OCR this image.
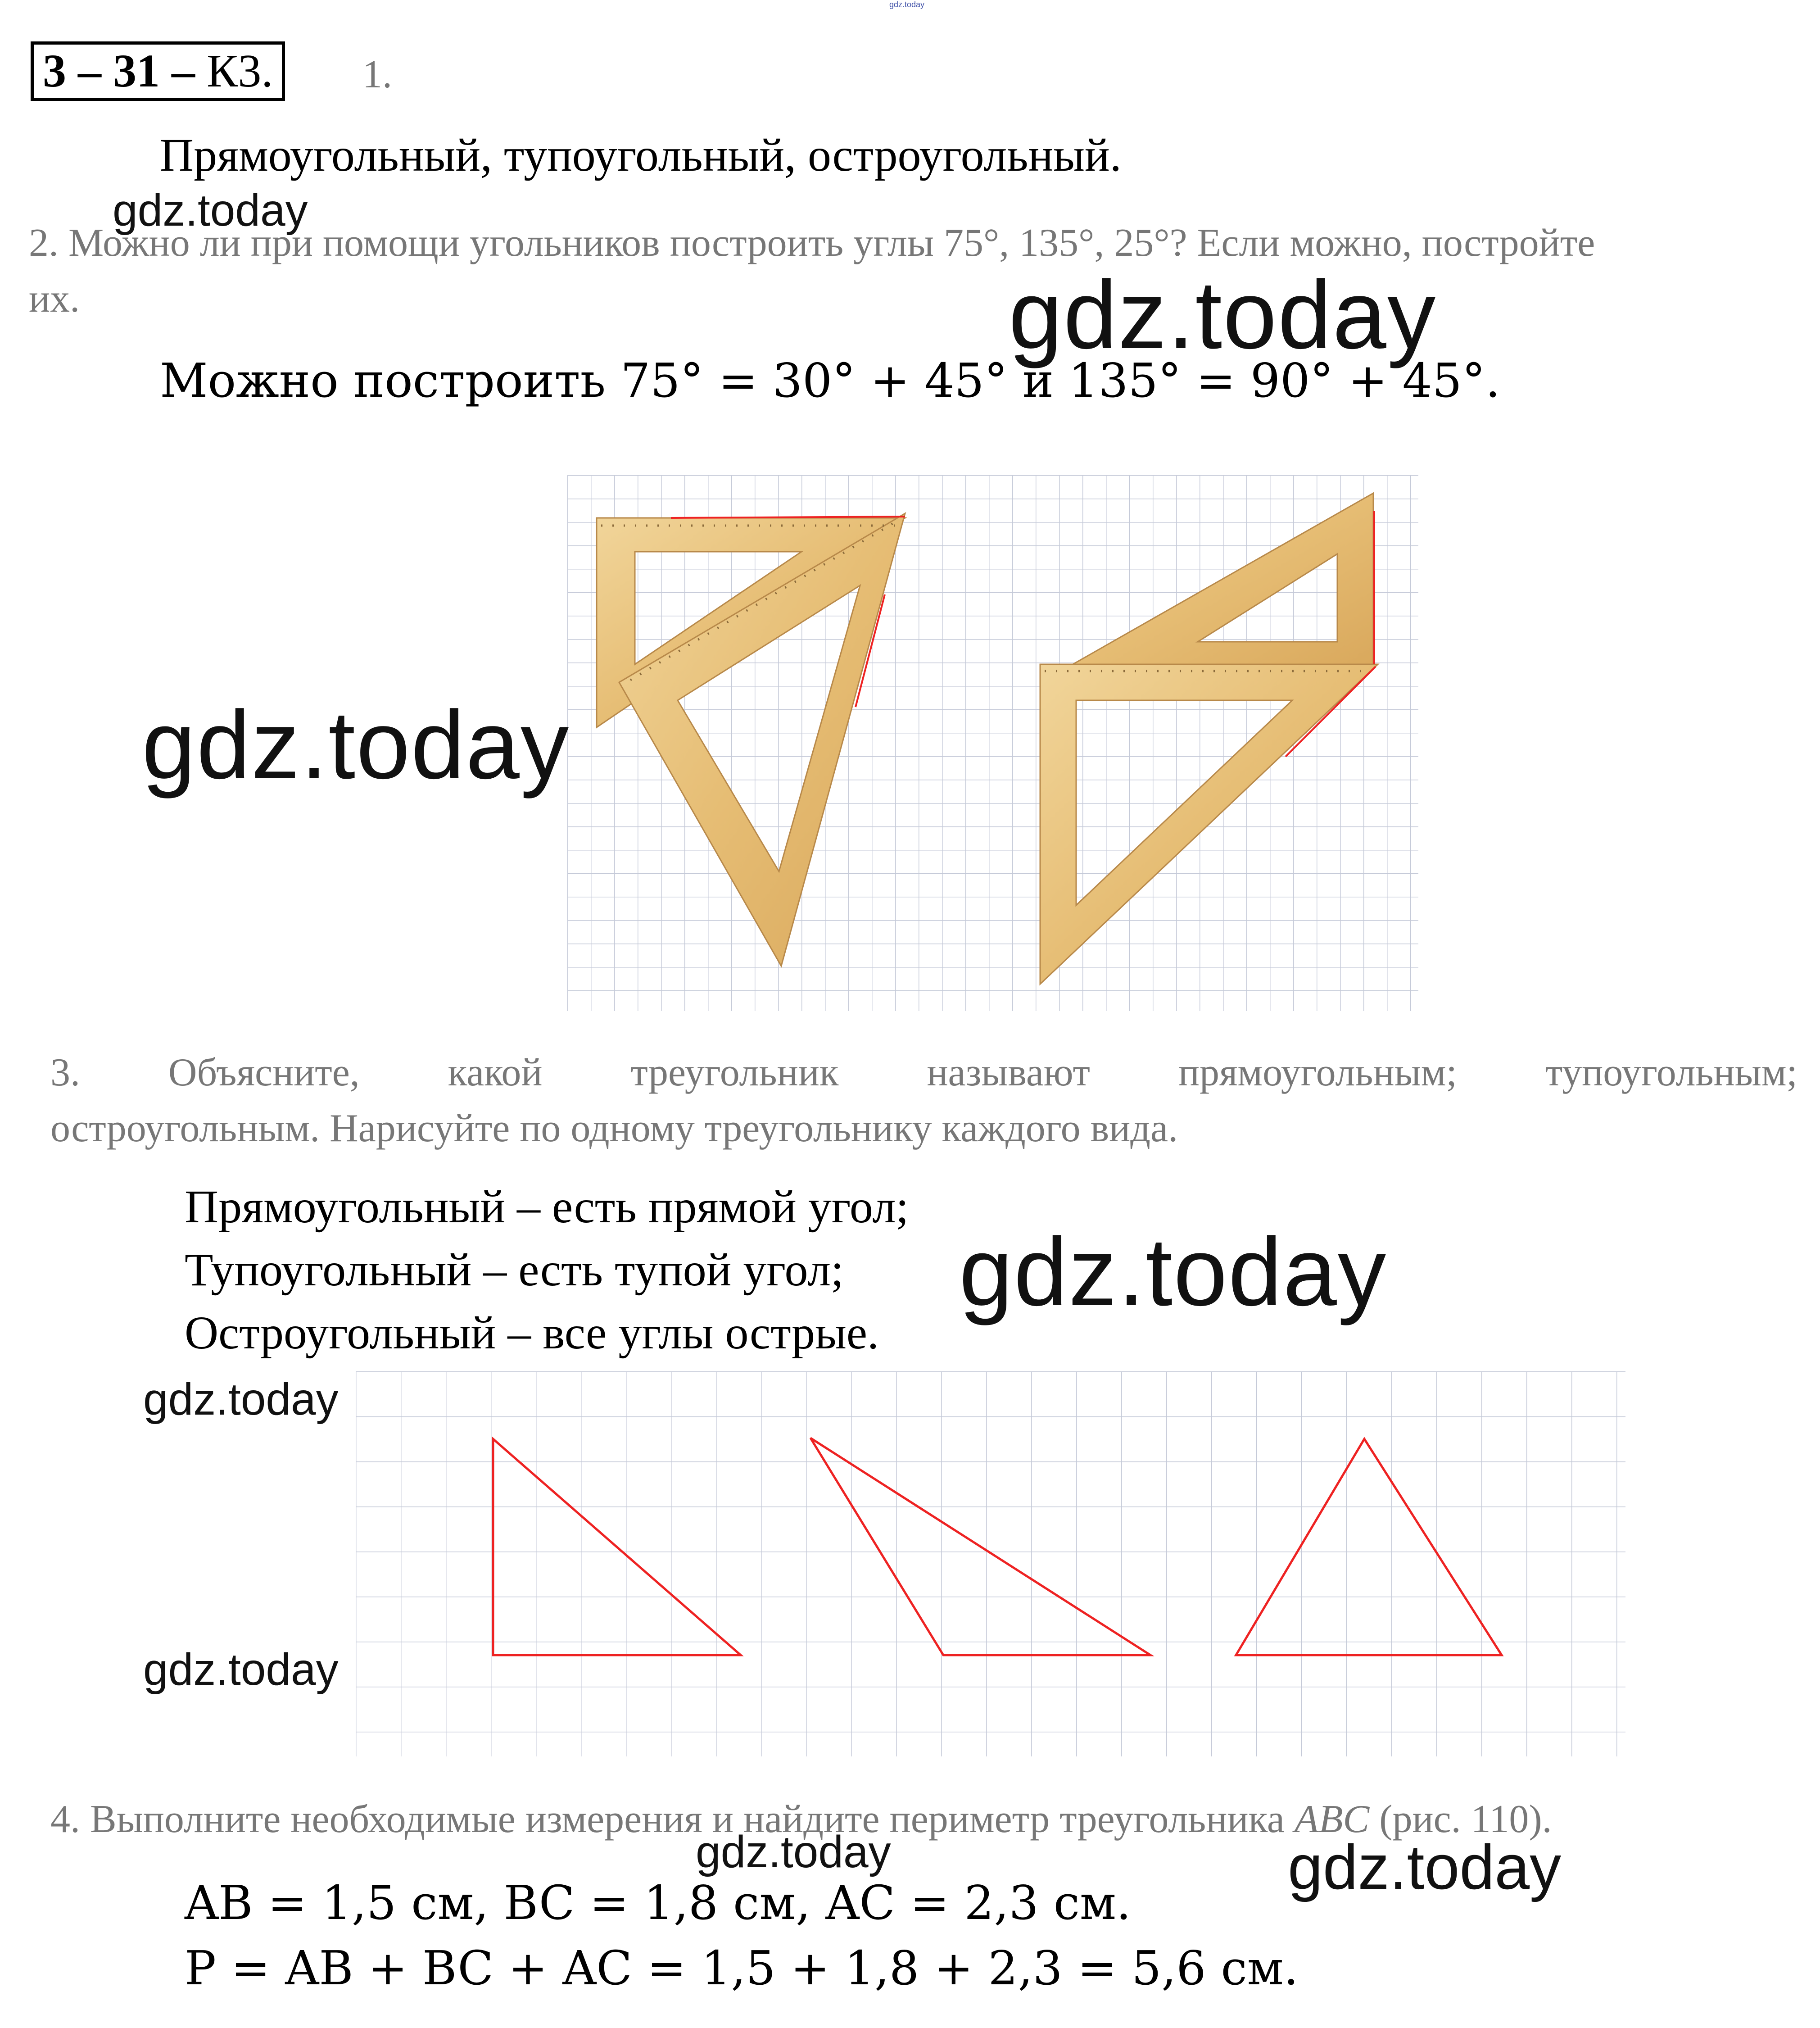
gdz.today
3 – 31 – К3.	1.
Прямоугольный, тупоугольный, остроугольный.
gdz.today
2. Можно ли при помощи угольников построить углы 75°, 135°, 25°? Если можно, постройте
их.	gdz.today
Можно построить 75° = 30° + 45° и 135° = 90° + 45°.
gdz.today
3. Объясните, какой треугольник называют прямоугольным; тупоугольным;
остроугольным. Нарисуйте по одному треугольнику каждого вида.
Прямоугольный – есть прямой угол;
Тупоугольный – есть тупой угол;
Остроугольный – все углы острые.
gdz.today
gdz.today
gdz.today
4. Выполните необходимые измерения и найдите периметр треугольника ABC (рис. 110).
gdz.today	gdz.today
AB = 1,5 см, BC = 1,8 см, AC = 2,3 см.
P = AB + BC + AC = 1,5 + 1,8 + 2,3 = 5,6 см.
